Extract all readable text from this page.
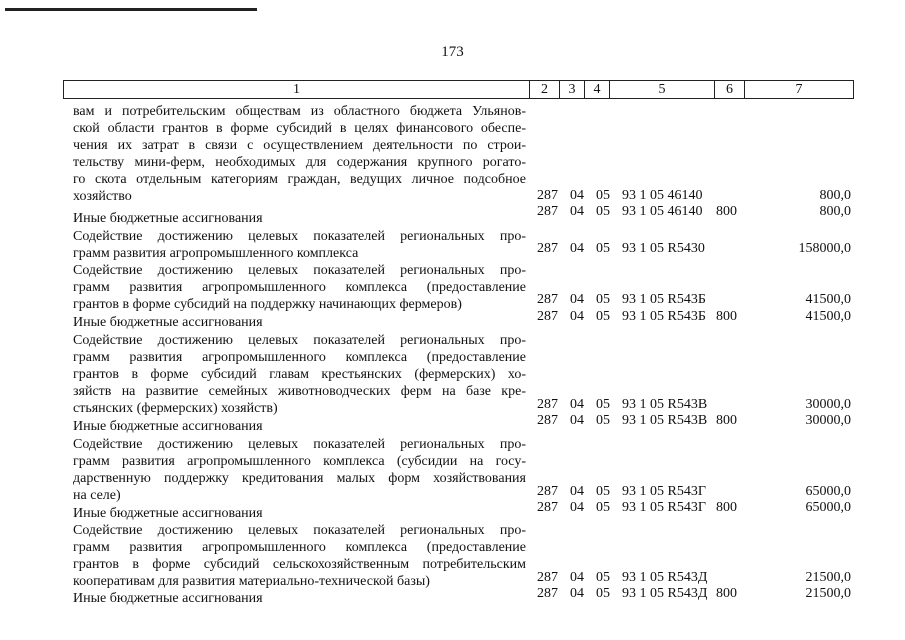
173
1	2	3	4	5	6	7
вам и потребительским обществам из областного бюджета Ульянов-
ской области грантов в форме субсидий в целях финансового обеспе-
чения их затрат в связи с осуществлением деятельности по строи-
тельству мини-ферм, необходимых для содержания крупного рогато-
го скота отдельным категориям граждан, ведущих личное подсобное
хозяйство	287 04 05 93 1 05 46140	800,0
Иные бюджетные ассигнования	287 04 05 93 1 05 46140 800	800,0
Содействие достижению целевых показателей региональных про-
грамм развития агропромышленного комплекса	287 04 05 93 1 05 R5430	158000,0
Содействие достижению целевых показателей региональных про-
грамм развития агропромышленного комплекса (предоставление
грантов в форме субсидий на поддержку начинающих фермеров)	287 04 05 93 1 05 R543Б	41500,0
Иные бюджетные ассигнования	287 04 05 93 1 05 R543Б 800	41500,0
Содействие достижению целевых показателей региональных про-
грамм развития агропромышленного комплекса (предоставление
грантов в форме субсидий главам крестьянских (фермерских) хо-
зяйств на развитие семейных животноводческих ферм на базе кре-
стьянских (фермерских) хозяйств)	287 04 05 93 1 05 R543В	30000,0
Иные бюджетные ассигнования	287 04 05 93 1 05 R543В 800	30000,0
Содействие достижению целевых показателей региональных про-
грамм развития агропромышленного комплекса (субсидии на госу-
дарственную поддержку кредитования малых форм хозяйствования
на селе)	287 04 05 93 1 05 R543Г	65000,0
Иные бюджетные ассигнования	287 04 05 93 1 05 R543Г 800	65000,0
Содействие достижению целевых показателей региональных про-
грамм развития агропромышленного комплекса (предоставление
грантов в форме субсидий сельскохозяйственным потребительским
кооперативам для развития материально-технической базы)	287 04 05 93 1 05 R543Д	21500,0
Иные бюджетные ассигнования	287 04 05 93 1 05 R543Д 800	21500,0
